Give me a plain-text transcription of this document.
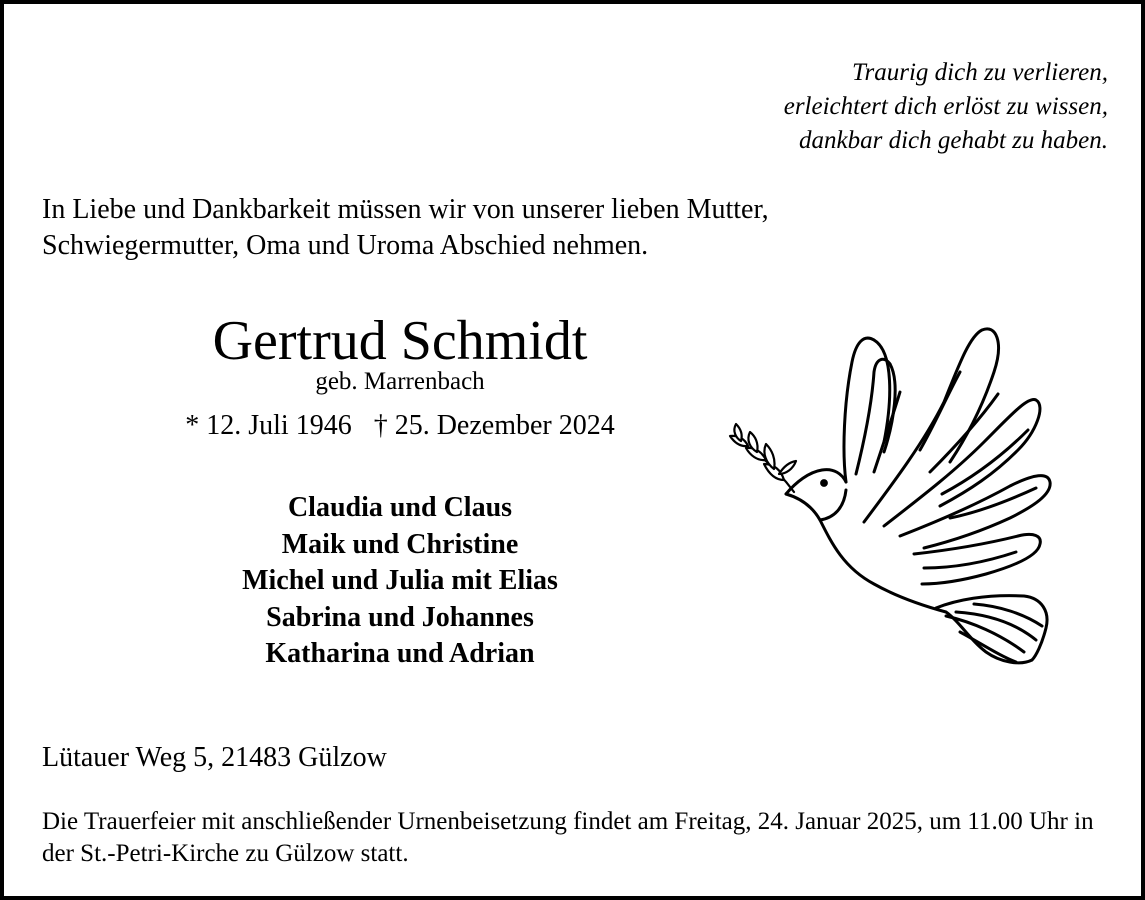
Traurig dich zu verlieren,
erleichtert dich erlöst zu wissen,
dankbar dich gehabt zu haben.
In Liebe und Dankbarkeit müssen wir von unserer lieben Mutter,
Schwiegermutter, Oma und Uroma Abschied nehmen.
Gertrud Schmidt
geb. Marrenbach
* 12. Juli 1946 † 25. Dezember 2024
Claudia und Claus
Maik und Christine
Michel und Julia mit Elias
Sabrina und Johannes
Katharina und Adrian
Lütauer Weg 5, 21483 Gülzow
Die Trauerfeier mit anschließender Urnenbeisetzung findet am Freitag, 24. Januar 2025, um 11.00 Uhr in der St.-Petri-Kirche zu Gülzow statt.
